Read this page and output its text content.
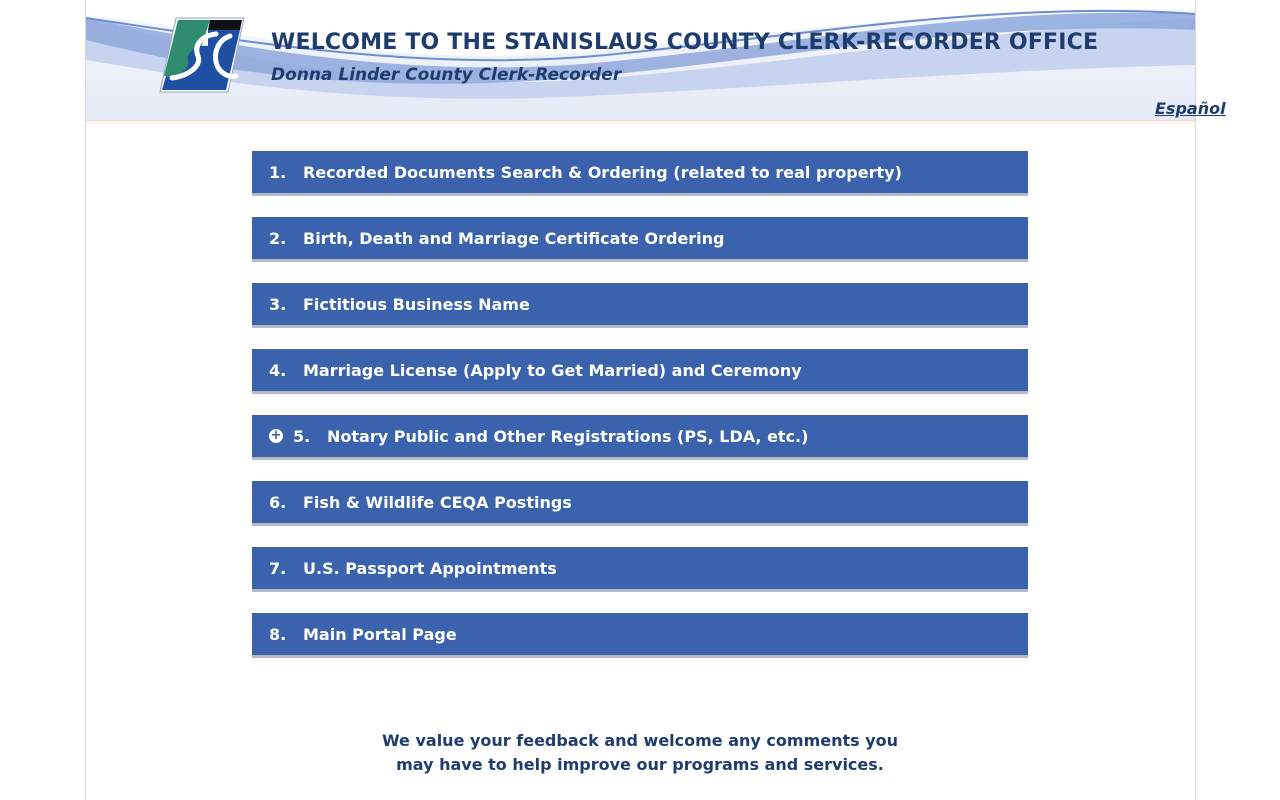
WELCOME TO THE STANISLAUS COUNTY CLERK-RECORDER OFFICE
Donna Linder County Clerk-Recorder
Español
1.	Recorded Documents Search & Ordering (related to real property)
2.	Birth, Death and Marriage Certificate Ordering
3.	Fictitious Business Name
4.	Marriage License (Apply to Get Married) and Ceremony
+ 5.	Notary Public and Other Registrations (PS, LDA, etc.)
6.	Fish & Wildlife CEQA Postings
7.	U.S. Passport Appointments
8.	Main Portal Page
We value your feedback and welcome any comments you
may have to help improve our programs and services.
